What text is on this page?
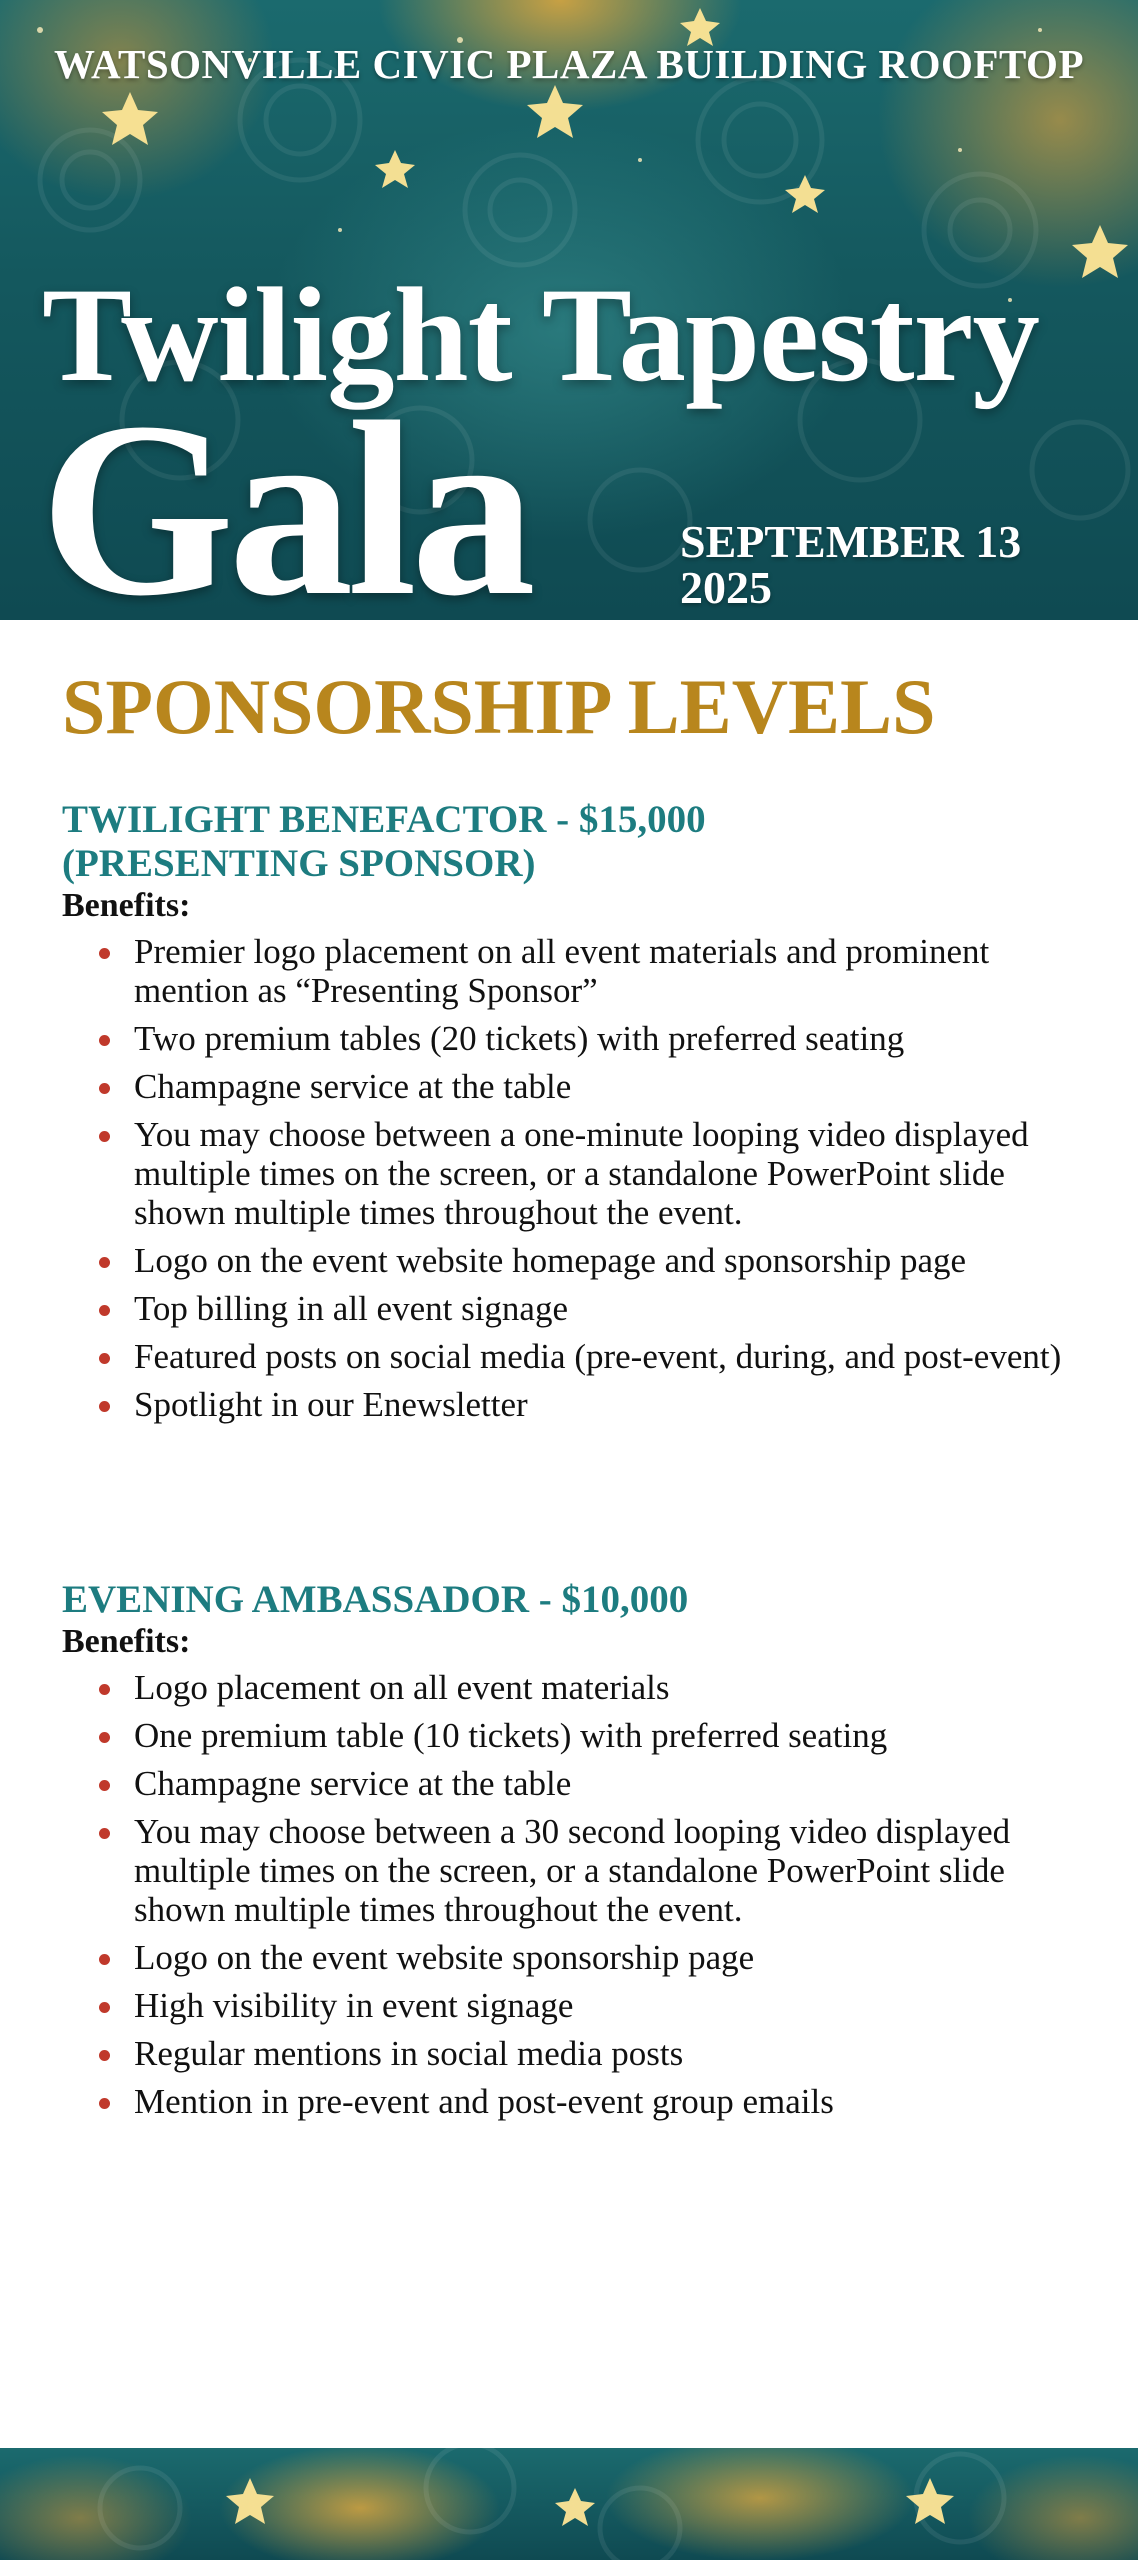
WATSONVILLE CIVIC PLAZA BUILDING ROOFTOP
Twilight Tapestry
Gala	SEPTEMBER 13
2025
SPONSORSHIP LEVELS
TWILIGHT BENEFACTOR - $15,000
(PRESENTING SPONSOR)
Benefits:
Premier logo placement on all event materials and prominent mention as “Presenting Sponsor”
Two premium tables (20 tickets) with preferred seating
Champagne service at the table
You may choose between a one-minute looping video displayed multiple times on the screen, or a standalone PowerPoint slide shown multiple times throughout the event.
Logo on the event website homepage and sponsorship page
Top billing in all event signage
Featured posts on social media (pre-event, during, and post-event)
Spotlight in our Enewsletter
EVENING AMBASSADOR - $10,000
Benefits:
Logo placement on all event materials
One premium table (10 tickets) with preferred seating
Champagne service at the table
You may choose between a 30 second looping video displayed multiple times on the screen, or a standalone PowerPoint slide shown multiple times throughout the event.
Logo on the event website sponsorship page
High visibility in event signage
Regular mentions in social media posts
Mention in pre-event and post-event group emails
